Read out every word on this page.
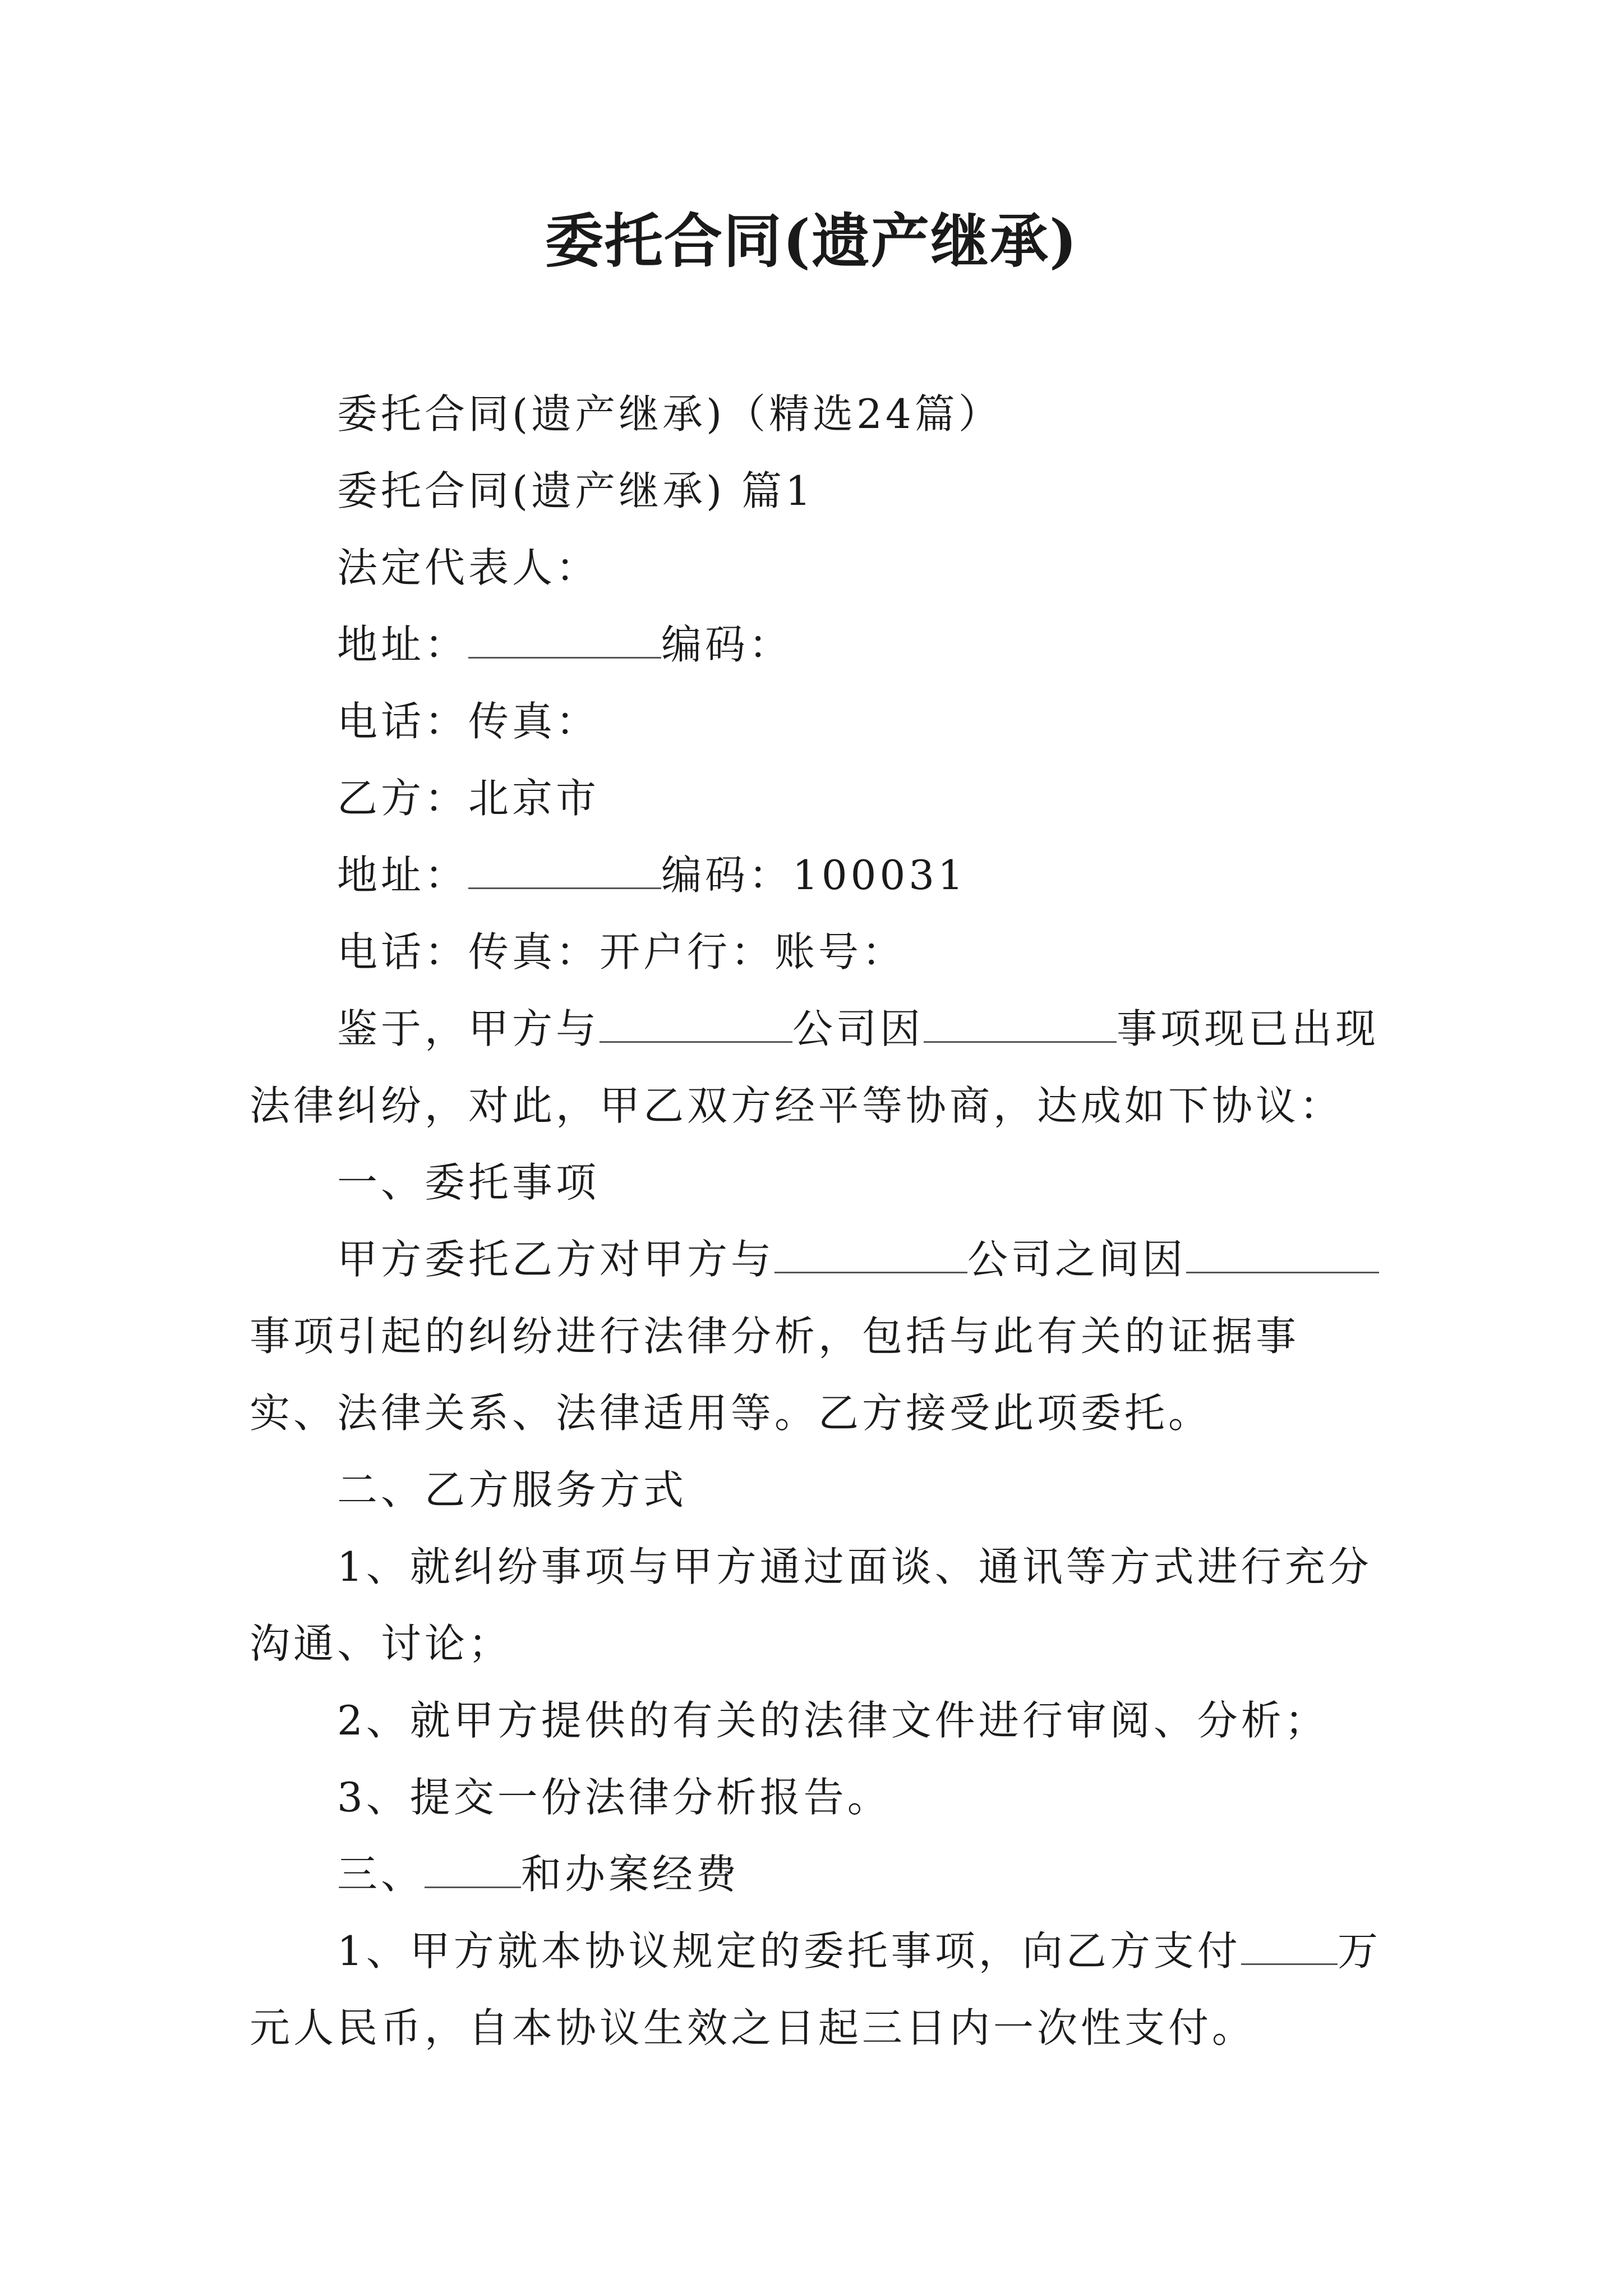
委托合同(遗产继承)

委托合同(遗产继承)（精选24篇）

委托合同(遗产继承) 篇1

法定代表人：

地址：	编码：

电话：传真：

乙方：北京市

地址：	编码：100031

电话：传真：开户行：账号：

鉴于，甲方与	公司因	事项现已出现法律纠纷，对此，甲乙双方经平等协商，达成如下协议：

一、委托事项

甲方委托乙方对甲方与	公司之间因事项引起的纠纷进行法律分析，包括与此有关的证据事实、法律关系、法律适用等。乙方接受此项委托。

二、乙方服务方式

1、就纠纷事项与甲方通过面谈、通讯等方式进行充分沟通、讨论；

2、就甲方提供的有关的法律文件进行审阅、分析；

3、提交一份法律分析报告。

三、 和办案经费

1、甲方就本协议规定的委托事项，向乙方支付 万元人民币，自本协议生效之日起三日内一次性支付。
